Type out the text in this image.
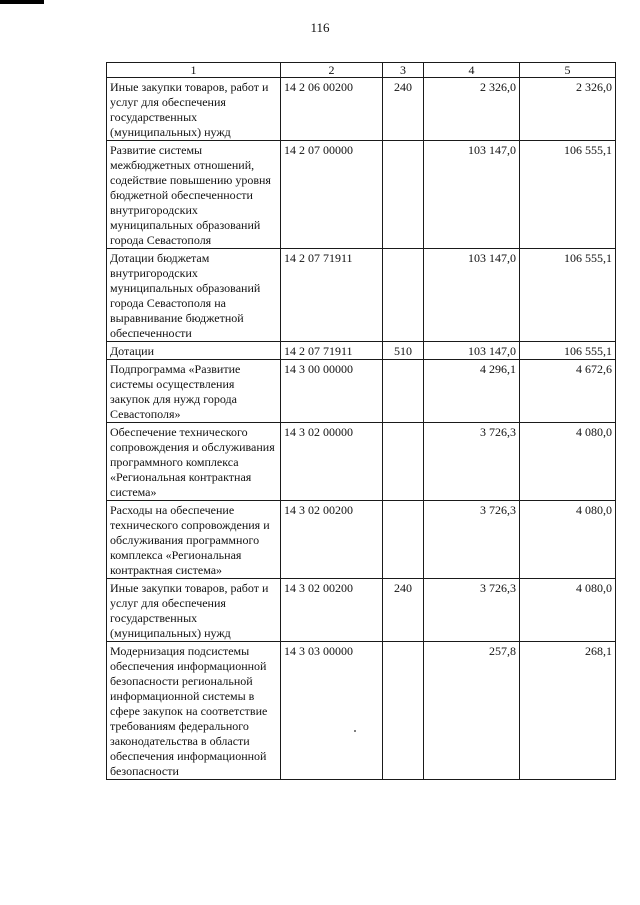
116
1	2	3	4	5
Иные закупки товаров, работ и услуг для обеспечения государственных (муниципальных) нужд	14 2 06 00200	240	2 326,0	2 326,0
Развитие системы межбюджетных отношений, содействие повышению уровня бюджетной обеспеченности внутригородских муниципальных образований города Севастополя	14 2 07 00000		103 147,0	106 555,1
Дотации бюджетам внутригородских муниципальных образований города Севастополя на выравнивание бюджетной обеспеченности	14 2 07 71911		103 147,0	106 555,1
Дотации	14 2 07 71911	510	103 147,0	106 555,1
Подпрограмма «Развитие системы осуществления закупок для нужд города Севастополя»	14 3 00 00000		4 296,1	4 672,6
Обеспечение технического сопровождения и обслуживания программного комплекса «Региональная контрактная система»	14 3 02 00000		3 726,3	4 080,0
Расходы на обеспечение технического сопровождения и обслуживания программного комплекса «Региональная контрактная система»	14 3 02 00200		3 726,3	4 080,0
Иные закупки товаров, работ и услуг для обеспечения государственных (муниципальных) нужд	14 3 02 00200	240	3 726,3	4 080,0
Модернизация подсистемы обеспечения информационной безопасности региональной информационной системы в сфере закупок на соответствие требованиям федерального законодательства в области обеспечения информационной безопасности	14 3 03 00000		257,8	268,1
